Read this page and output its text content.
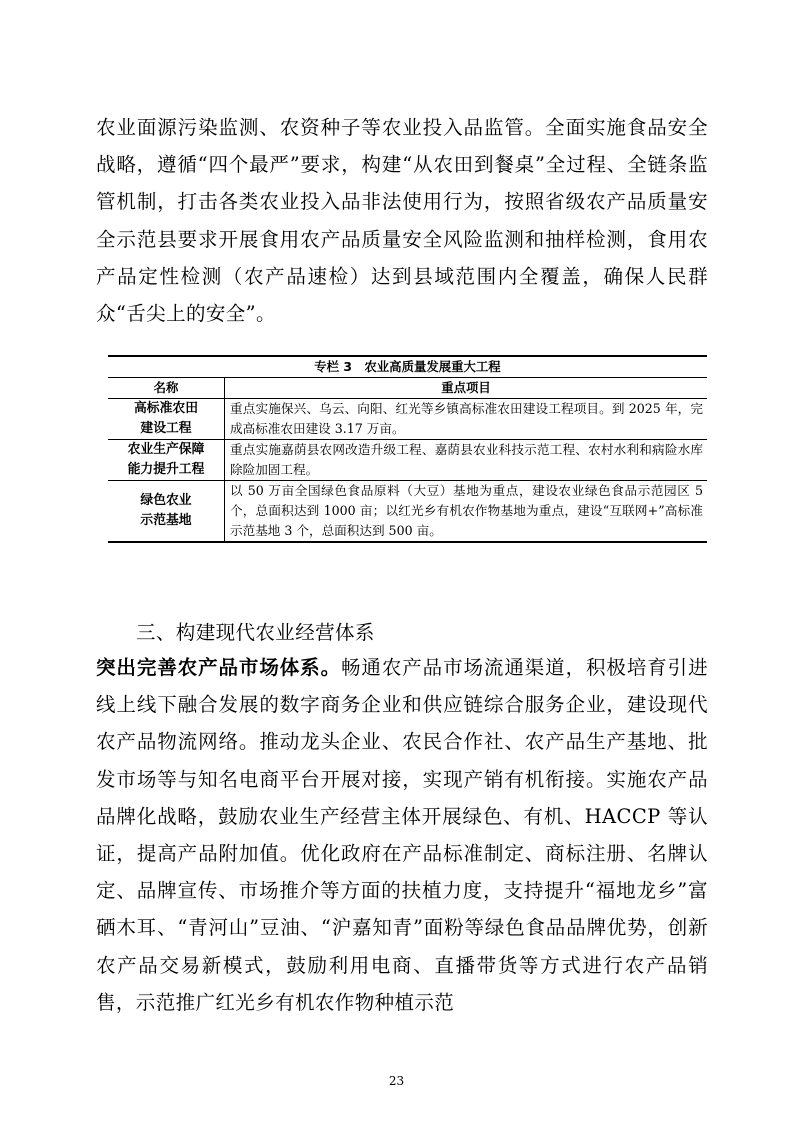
农业面源污染监测、农资种子等农业投入品监管。全面实施食品安全战略，遵循“四个最严”要求，构建“从农田到餐桌”全过程、全链条监管机制，打击各类农业投入品非法使用行为，按照省级农产品质量安全示范县要求开展食用农产品质量安全风险监测和抽样检测，食用农产品定性检测（农产品速检）达到县域范围内全覆盖，确保人民群众“舌尖上的安全”。

专栏 3　农业高质量发展重大工程	
名称	重点项目
高标准农田
建设工程	重点实施保兴、乌云、向阳、红光等乡镇高标准农田建设工程项目。到 2025 年，完成高标准农田建设 3.17 万亩。
农业生产保障
能力提升工程	重点实施嘉荫县农网改造升级工程、嘉荫县农业科技示范工程、农村水利和病险水库除险加固工程。
绿色农业
示范基地	以 50 万亩全国绿色食品原料（大豆）基地为重点，建设农业绿色食品示范园区 5 个，总面积达到 1000 亩；以红光乡有机农作物基地为重点，建设“互联网+”高标准示范基地 3 个，总面积达到 500 亩。

三、构建现代农业经营体系

突出完善农产品市场体系。畅通农产品市场流通渠道，积极培育引进线上线下融合发展的数字商务企业和供应链综合服务企业，建设现代农产品物流网络。推动龙头企业、农民合作社、农产品生产基地、批发市场等与知名电商平台开展对接，实现产销有机衔接。实施农产品品牌化战略，鼓励农业生产经营主体开展绿色、有机、HACCP 等认证，提高产品附加值。优化政府在产品标准制定、商标注册、名牌认定、品牌宣传、市场推介等方面的扶植力度，支持提升“福地龙乡”富硒木耳、“青河山”豆油、“沪嘉知青”面粉等绿色食品品牌优势，创新农产品交易新模式，鼓励利用电商、直播带货等方式进行农产品销售，示范推广红光乡有机农作物种植示范

23
